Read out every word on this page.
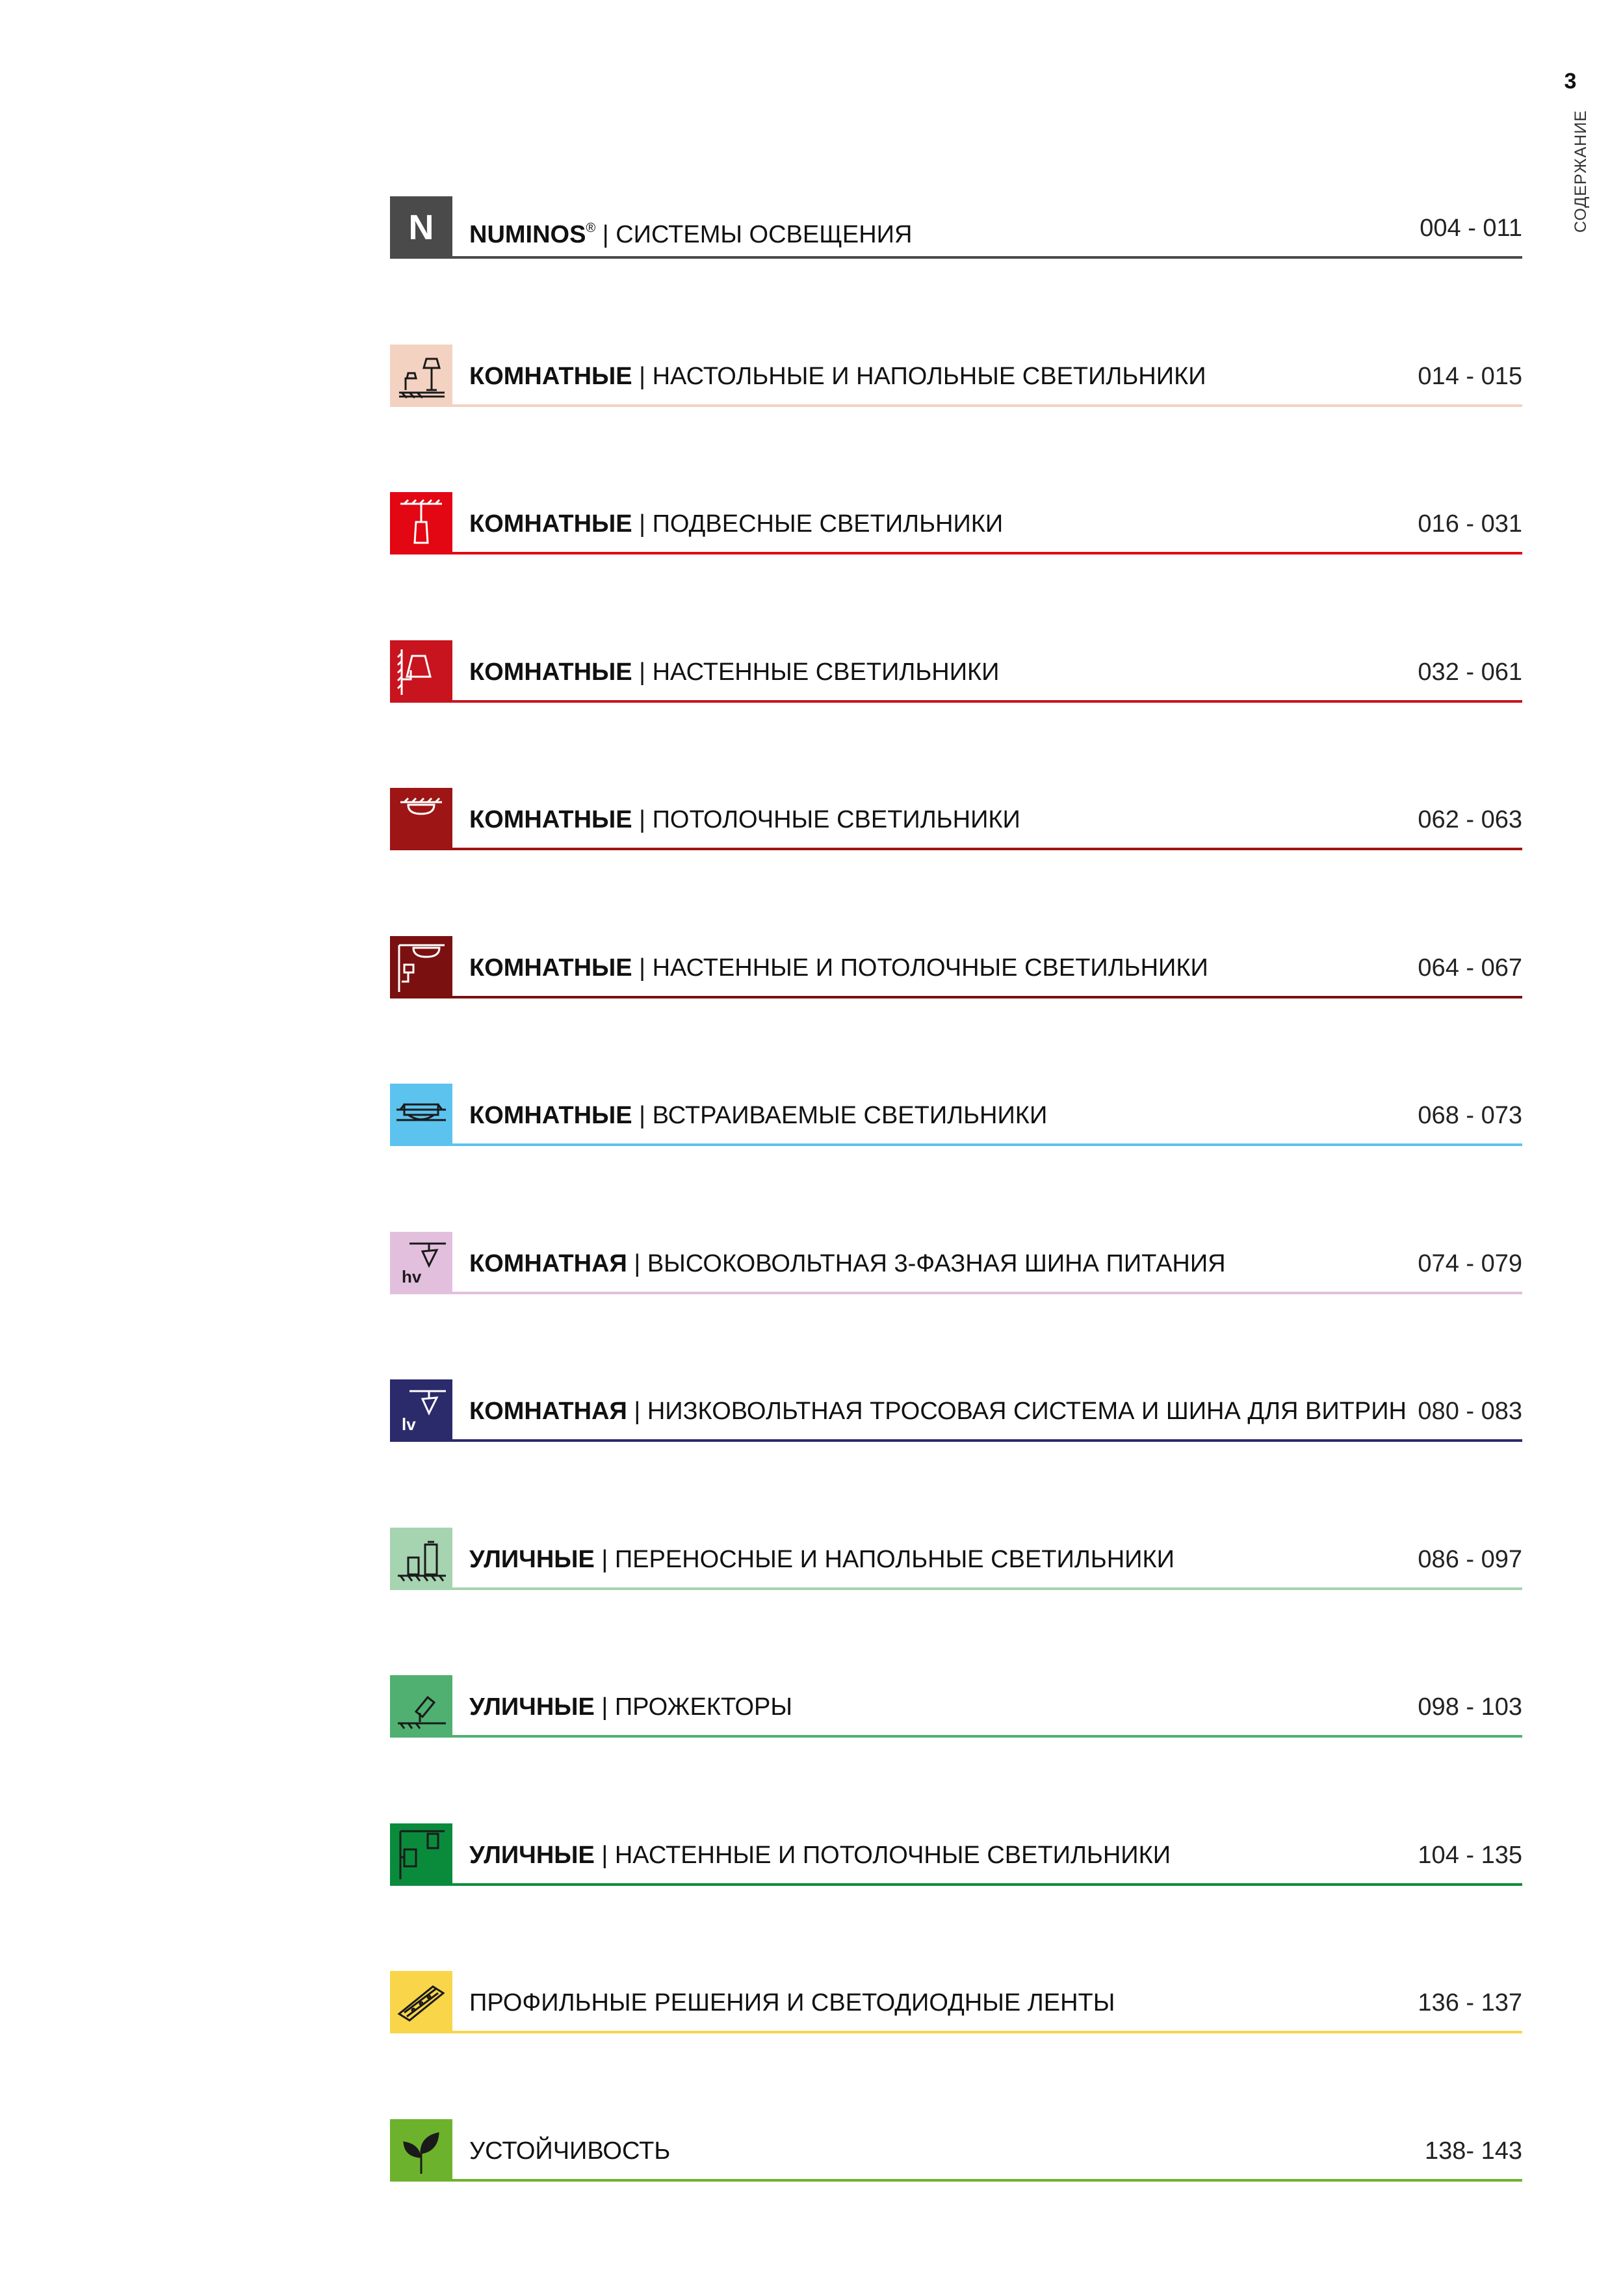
3
СОДЕРЖАНИЕ
N NUMINOS® | СИСТЕМЫ ОСВЕЩЕНИЯ	004 - 011
КОМНАТНЫЕ | НАСТОЛЬНЫЕ И НАПОЛЬНЫЕ СВЕТИЛЬНИКИ	014 - 015
КОМНАТНЫЕ | ПОДВЕСНЫЕ СВЕТИЛЬНИКИ	016 - 031
КОМНАТНЫЕ | НАСТЕННЫЕ СВЕТИЛЬНИКИ	032 - 061
КОМНАТНЫЕ | ПОТОЛОЧНЫЕ СВЕТИЛЬНИКИ	062 - 063
КОМНАТНЫЕ | НАСТЕННЫЕ И ПОТОЛОЧНЫЕ СВЕТИЛЬНИКИ	064 - 067
КОМНАТНЫЕ | ВСТРАИВАЕМЫЕ СВЕТИЛЬНИКИ	068 - 073
hv КОМНАТНАЯ | ВЫСОКОВОЛЬТНАЯ 3-ФАЗНАЯ ШИНА ПИТАНИЯ	074 - 079
lv КОМНАТНАЯ | НИЗКОВОЛЬТНАЯ ТРОСОВАЯ СИСТЕМА И ШИНА ДЛЯ ВИТРИН 080 - 083
УЛИЧНЫЕ | ПЕРЕНОСНЫЕ И НАПОЛЬНЫЕ СВЕТИЛЬНИКИ	086 - 097
УЛИЧНЫЕ | ПРОЖЕКТОРЫ	098 - 103
УЛИЧНЫЕ | НАСТЕННЫЕ И ПОТОЛОЧНЫЕ СВЕТИЛЬНИКИ	104 - 135
ПРОФИЛЬНЫЕ РЕШЕНИЯ И СВЕТОДИОДНЫЕ ЛЕНТЫ	136 - 137
УСТОЙЧИВОСТЬ	138- 143
